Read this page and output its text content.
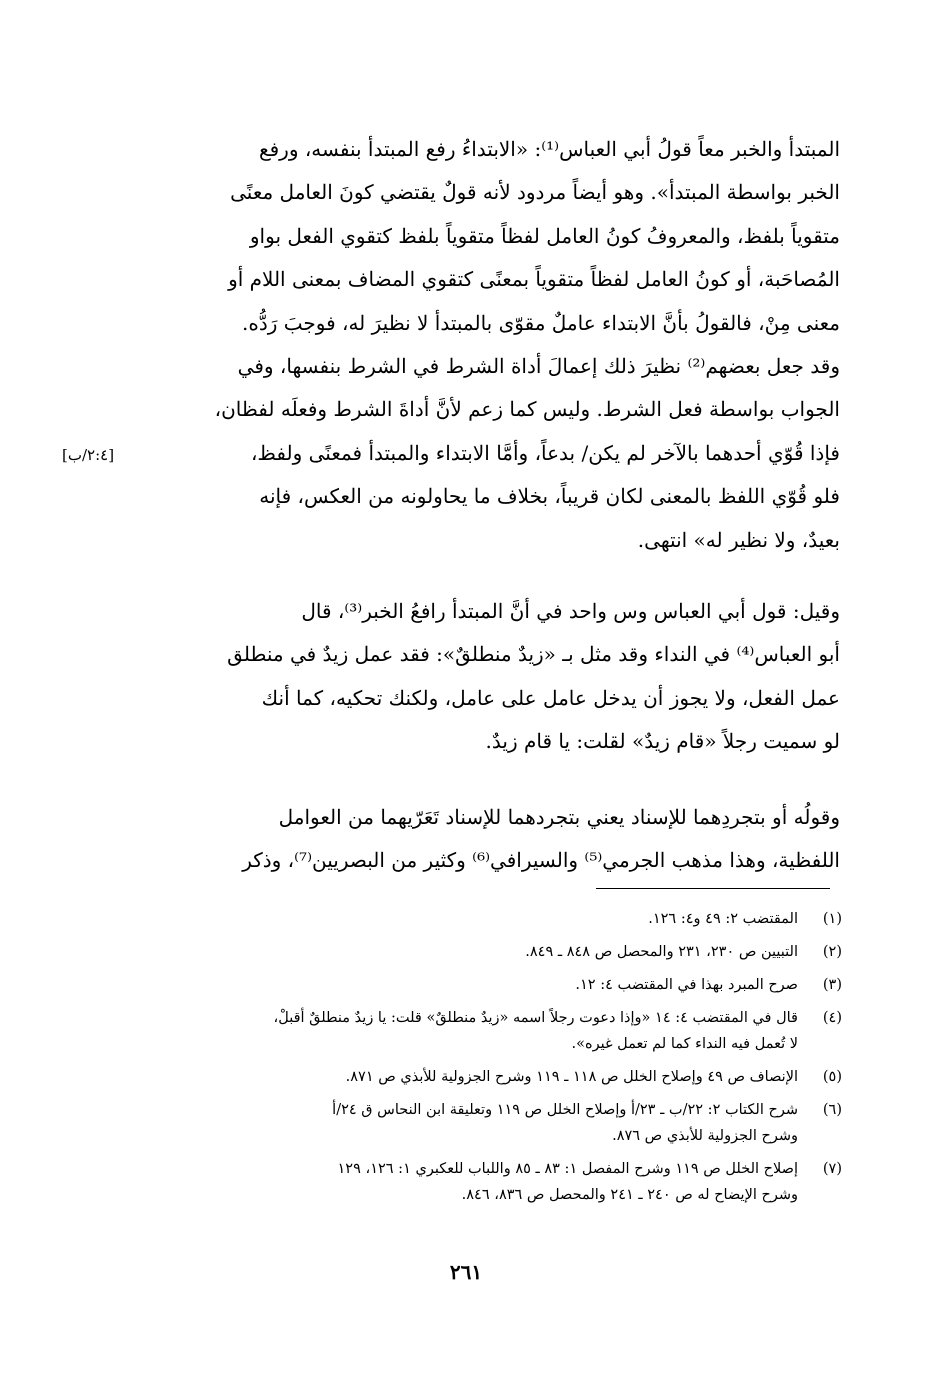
المبتدأ والخبر معاً قولُ أبي العباس⁽¹⁾: «الابتداءُ رفع المبتدأ بنفسه، ورفع
الخبر بواسطة المبتدأ». وهو أيضاً مردود لأنه قولٌ يقتضي كونَ العامل معنًى
متقوياً بلفظ، والمعروفُ كونُ العامل لفظاً متقوياً بلفظ كتقوي الفعل بواو
المُصاحَبة، أو كونُ العامل لفظاً متقوياً بمعنًى كتقوي المضاف بمعنى اللام أو
معنى مِنْ، فالقولُ بأنَّ الابتداء عاملٌ مقوّى بالمبتدأ لا نظيرَ له، فوجبَ رَدُّه.
وقد جعل بعضهم⁽²⁾ نظيرَ ذلك إعمالَ أداة الشرط في الشرط بنفسها، وفي
الجواب بواسطة فعل الشرط. وليس كما زعم لأنَّ أداةَ الشرط وفعلَه لفظان،
فإذا قُوّي أحدهما بالآخر لم يكن/ بدعاً، وأمَّا الابتداء والمبتدأ فمعنًى ولفظ،
فلو قُوّي اللفظ بالمعنى لكان قريباً، بخلاف ما يحاولونه من العكس، فإنه
بعيدٌ، ولا نظير له» انتهى.
[٢:٤/ب]
وقيل: قول أبي العباس وس واحد في أنَّ المبتدأ رافعُ الخبر⁽³⁾، قال
أبو العباس⁽⁴⁾ في النداء وقد مثل بـ «زيدٌ منطلقٌ»: فقد عمل زيدٌ في منطلق
عمل الفعل، ولا يجوز أن يدخل عامل على عامل، ولكنك تحكيه، كما أنك
لو سميت رجلاً «قام زيدٌ» لقلت: يا قام زيدٌ.
وقولُه أو بتجردِهما للإسناد يعني بتجردهما للإسناد تَعَرّيهما من العوامل
اللفظية، وهذا مذهب الجرمي⁽⁵⁾ والسيرافي⁽⁶⁾ وكثير من البصريين⁽⁷⁾، وذكر
(١)
المقتضب ٢: ٤٩ و٤: ١٢٦.
(٢)
التبيين ص ٢٣٠، ٢٣١ والمحصل ص ٨٤٨ ـ ٨٤٩.
(٣)
صرح المبرد بهذا في المقتضب ٤: ١٢.
(٤)
قال في المقتضب ٤: ١٤ «وإذا دعوت رجلاً اسمه «زيدٌ منطلقٌ» قلت: يا زيدٌ منطلقٌ أقبلْ،
لا تُعمل فيه النداء كما لم تعمل غيره».
(٥)
الإنصاف ص ٤٩ وإصلاح الخلل ص ١١٨ ـ ١١٩ وشرح الجزولية للأبذي ص ٨٧١.
(٦)
شرح الكتاب ٢: ٢٢/ب ـ ٢٣/أ وإصلاح الخلل ص ١١٩ وتعليقة ابن النحاس ق ٢٤/أ
وشرح الجزولية للأبذي ص ٨٧٦.
(٧)
إصلاح الخلل ص ١١٩ وشرح المفصل ١: ٨٣ ـ ٨٥ واللباب للعكبري ١: ١٢٦، ١٢٩
وشرح الإيضاح له ص ٢٤٠ ـ ٢٤١ والمحصل ص ٨٣٦، ٨٤٦.
٢٦١
